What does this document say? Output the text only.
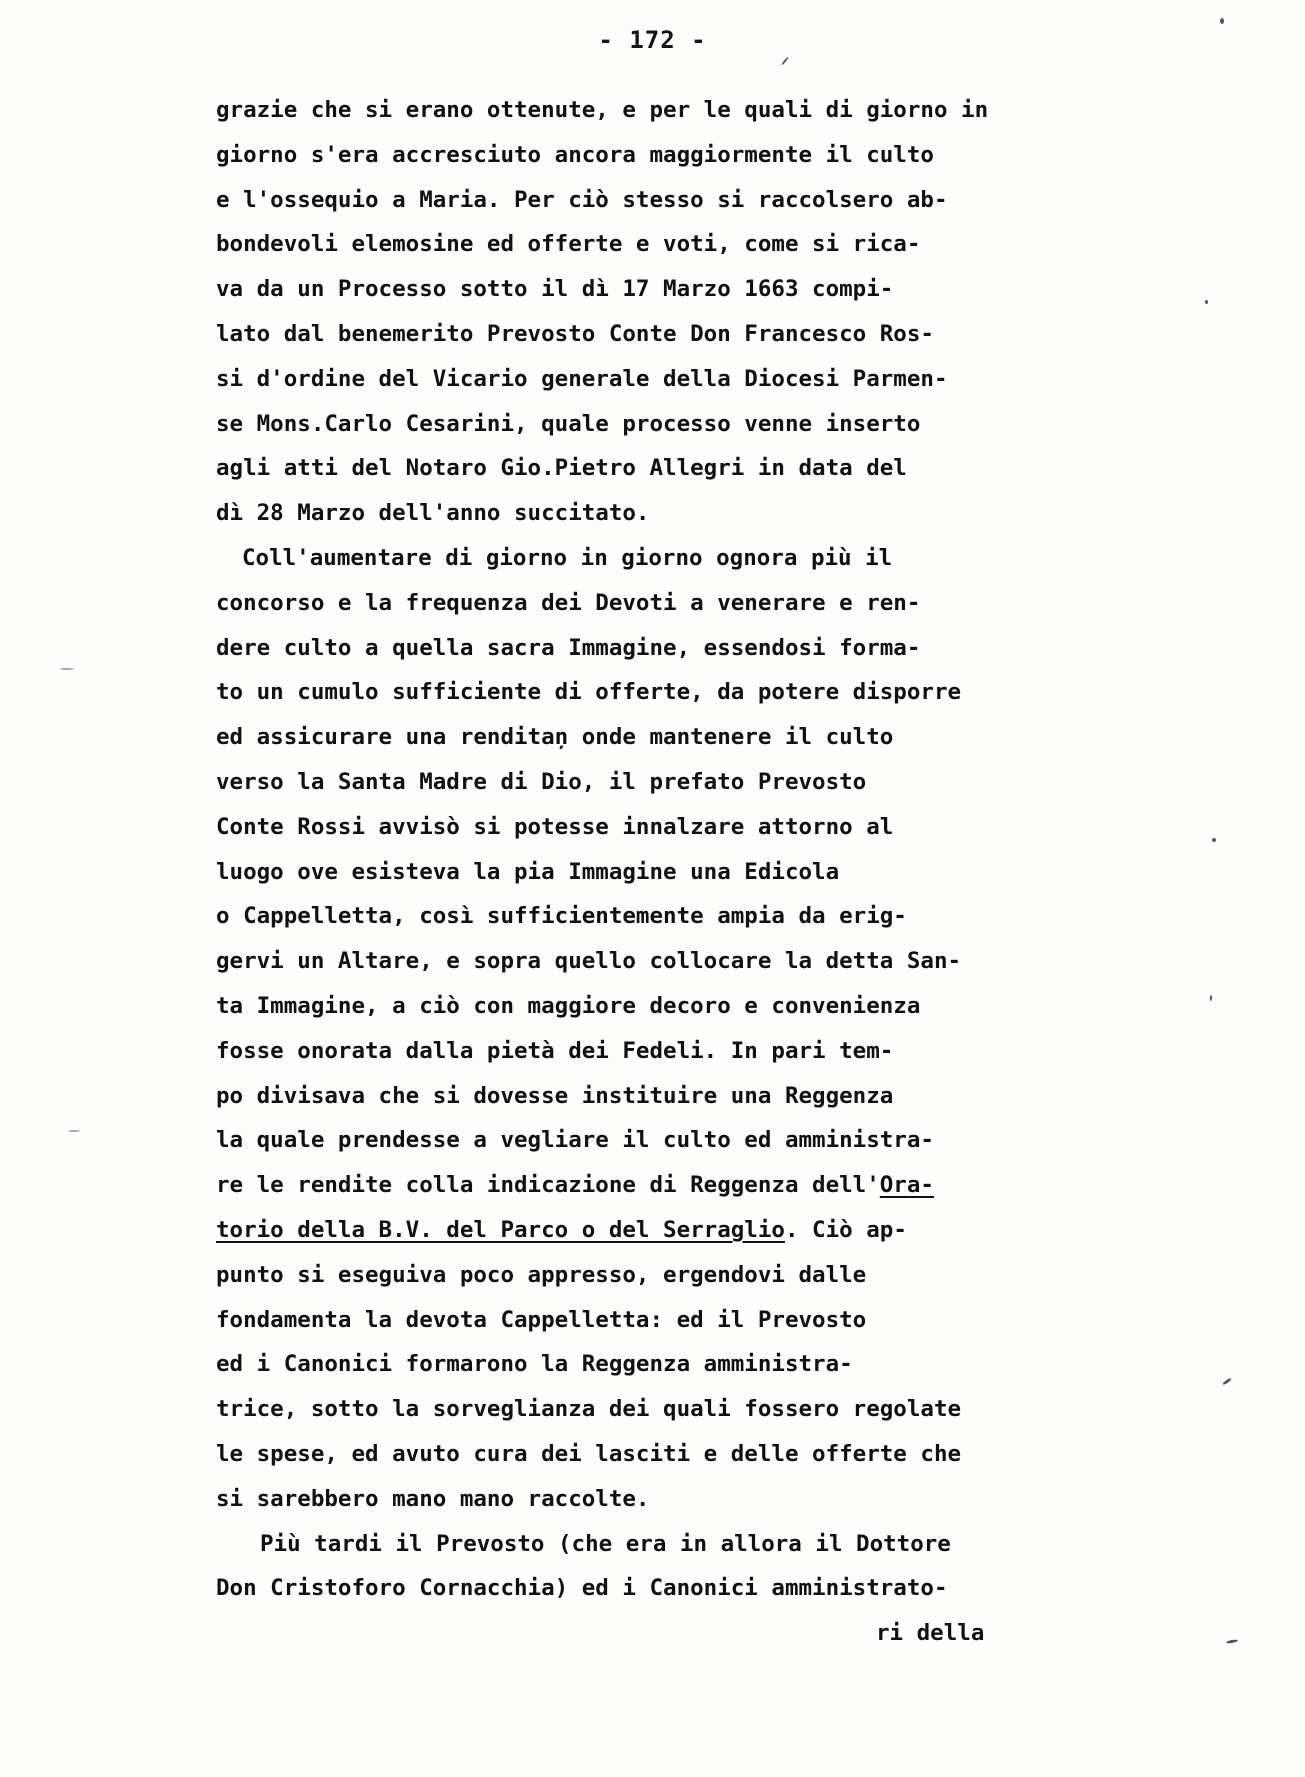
- 172 -
grazie che si erano ottenute, e per le quali di giorno in
giorno s'era accresciuto ancora maggiormente il culto
e l'ossequio a Maria. Per ciò stesso si raccolsero ab-
bondevoli elemosine ed offerte e voti, come si rica-
va da un Processo sotto il dì 17 Marzo 1663 compi-
lato dal benemerito Prevosto Conte Don Francesco Ros-
si d'ordine del Vicario generale della Diocesi Parmen-
se Mons.Carlo Cesarini, quale processo venne inserto
agli atti del Notaro Gio.Pietro Allegri in data del
dì 28 Marzo dell'anno succitato.
Coll'aumentare di giorno in giorno ognora più il
concorso e la frequenza dei Devoti a venerare e ren-
dere culto a quella sacra Immagine, essendosi forma-
to un cumulo sufficiente di offerte, da potere disporre
ed assicurare una renditaņ onde mantenere il culto
verso la Santa Madre di Dio, il prefato Prevosto
Conte Rossi avvisò si potesse innalzare attorno al
luogo ove esisteva la pia Immagine una Edicola
o Cappelletta, così sufficientemente ampia da erig-
gervi un Altare, e sopra quello collocare la detta San-
ta Immagine, a ciò con maggiore decoro e convenienza
fosse onorata dalla pietà dei Fedeli. In pari tem-
po divisava che si dovesse instituire una Reggenza
la quale prendesse a vegliare il culto ed amministra-
re le rendite colla indicazione di Reggenza dell'Ora-
torio della B.V. del Parco o del Serraglio. Ciò ap-
punto si eseguiva poco appresso, ergendovi dalle
fondamenta la devota Cappelletta: ed il Prevosto
ed i Canonici formarono la Reggenza amministra-
trice, sotto la sorveglianza dei quali fossero regolate
le spese, ed avuto cura dei lasciti e delle offerte che
si sarebbero mano mano raccolte.
Più tardi il Prevosto (che era in allora il Dottore
Don Cristoforo Cornacchia) ed i Canonici amministrato-
ri della
